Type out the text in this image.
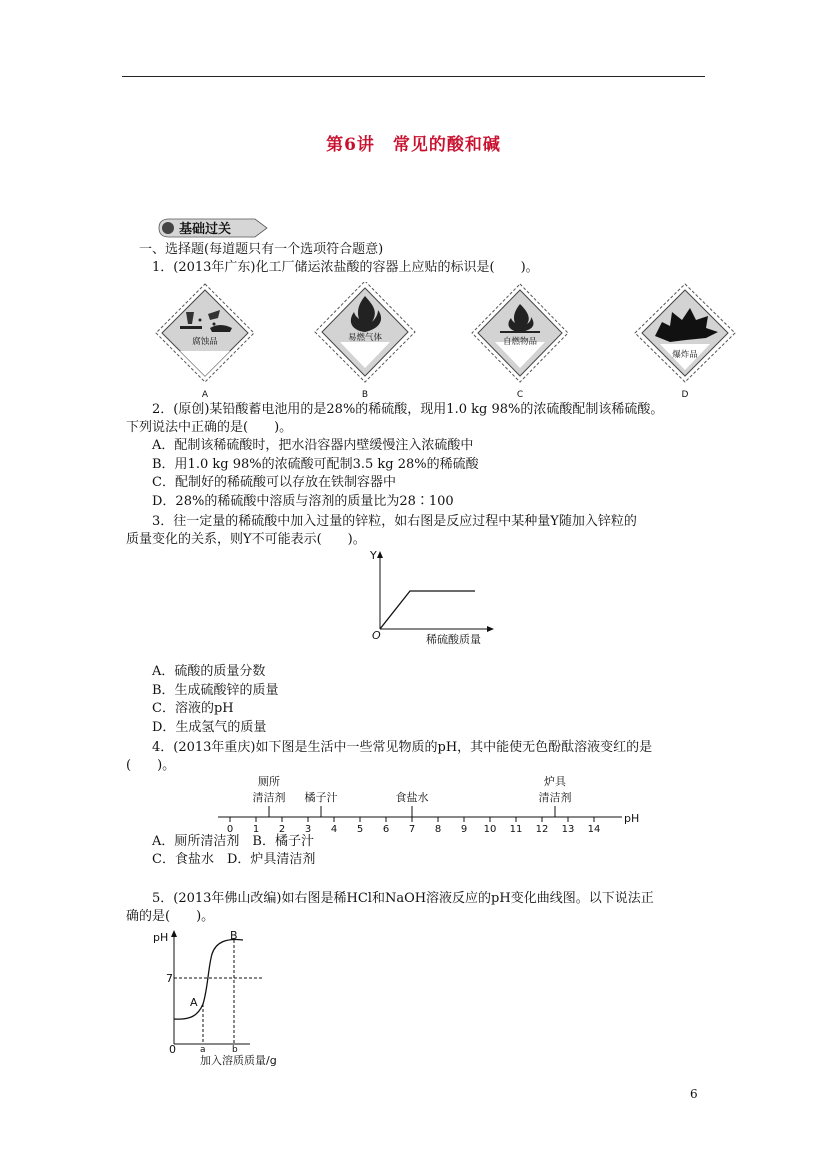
第6讲　常见的酸和碱
基础过关
一、选择题(每道题只有一个选项符合题意)
1．(2013年广东)化工厂储运浓盐酸的容器上应贴的标识是(　　)。
腐蚀品
A
易燃气体
B
自燃物品
C
爆炸品
D
2．(原创)某铅酸蓄电池用的是28%的稀硫酸，现用1.0 kg 98%的浓硫酸配制该稀硫酸。
下列说法中正确的是(　　)。
A．配制该稀硫酸时，把水沿容器内壁缓慢注入浓硫酸中
B．用1.0 kg 98%的浓硫酸可配制3.5 kg 28%的稀硫酸
C．配制好的稀硫酸可以存放在铁制容器中
D．28%的稀硫酸中溶质与溶剂的质量比为28∶100
3．往一定量的稀硫酸中加入过量的锌粒，如右图是反应过程中某种量Y随加入锌粒的
质量变化的关系，则Y不可能表示(　　)。
Y
O	稀硫酸质量
A．硫酸的质量分数
B．生成硫酸锌的质量
C．溶液的pH
D．生成氢气的质量
4．(2013年重庆)如下图是生活中一些常见物质的pH，其中能使无色酚酞溶液变红的是
(　　)。
pH
0 1 2 3 4 5 6 7 8 9 10 11 12 13 14
厕所
清洁剂 橘子汁	食盐水
炉具
清洁剂
A．厕所清洁剂　B．橘子汁
C．食盐水　D．炉具清洁剂
5．(2013年佛山改编)如右图是稀HCl和NaOH溶液反应的pH变化曲线图。以下说法正
确的是(　　)。
pH
7
A
B
0	a	b
加入溶质质量/g
6
